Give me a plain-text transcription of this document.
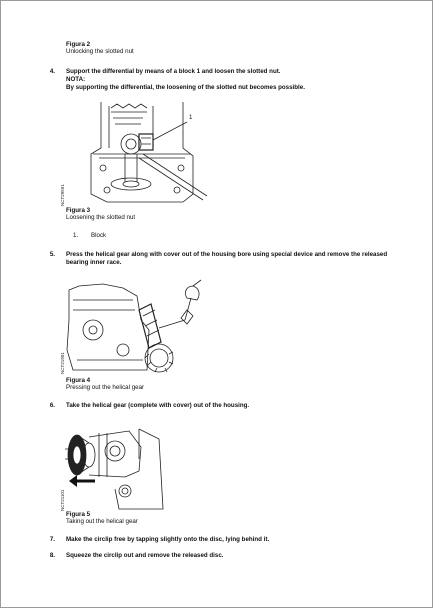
Figura 2
Unlocking the slotted nut
4. Support the differential by means of a block 1 and loosen the slotted nut.
NOTA:
By supporting the differential, the loosening of the slotted nut becomes possible.
1
NCT29591
Figura 3
Loosening the slotted nut
1. Block
5. Press the helical gear along with cover out of the housing bore using special device and remove the released
bearing inner race.
NCT21901
Figura 4
Pressing out the helical gear
6. Take the helical gear (complete with cover) out of the housing.
NCT21101
Figura 5
Taking out the helical gear
7. Make the circlip free by tapping slightly onto the disc, lying behind it.
8. Squeeze the circlip out and remove the released disc.
